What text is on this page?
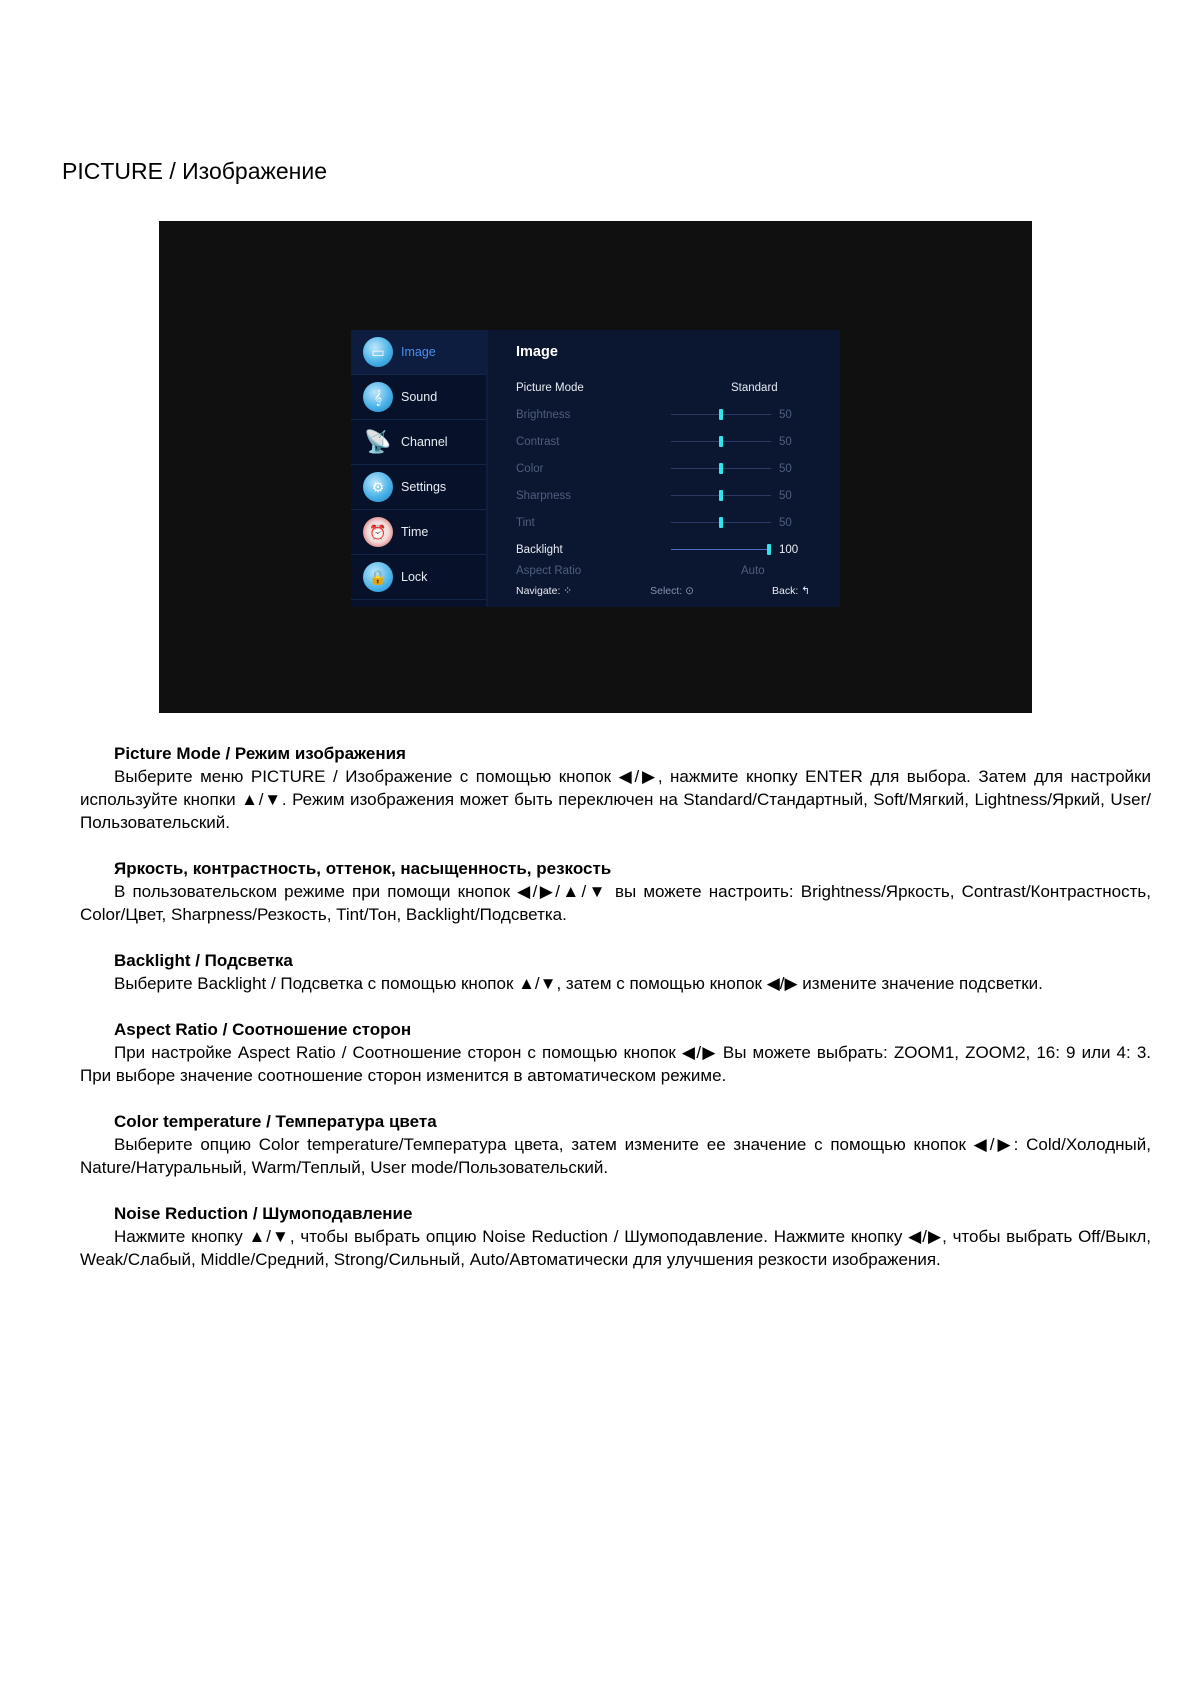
PICTURE / Изображение
▭	Image
𝄞	Sound
📡 Channel
⚙	Settings
⏰	Time
🔒	Lock
Image
Picture Mode	Standard
Brightness	50
Contrast	50
Color	50
Sharpness	50
Tint	50
Backlight	100
Aspect Ratio	Auto
Navigate: ⁘	Select: ⊙	Back: ↰
Picture Mode / Режим изображения
Выберите меню PICTURE / Изображение с помощью кнопок ◀/▶, нажмите кнопку ENTER для выбора. Затем для настройки используйте кнопки ▲/▼. Режим изображения может быть переключен на Standard/Стандартный, Soft/Мягкий, Lightness/Яркий, User/Пользовательский.
Яркость, контрастность, оттенок, насыщенность, резкость
В пользовательском режиме при помощи кнопок ◀/▶/▲/▼ вы можете настроить: Brightness/Яркость, Contrast/Контрастность, Color/Цвет, Sharpness/Резкость, Tint/Тон, Backlight/Подсветка.
Backlight / Подсветка
Выберите Backlight / Подсветка с помощью кнопок ▲/▼, затем с помощью кнопок ◀/▶ измените значение подсветки.
Aspect Ratio / Соотношение сторон
При настройке Aspect Ratio / Соотношение сторон с помощью кнопок ◀/▶ Вы можете выбрать: ZOOM1, ZOOM2, 16: 9 или 4: 3. При выборе значение соотношение сторон изменится в автоматическом режиме.
Color temperature / Температура цвета
Выберите опцию Color temperature/Температура цвета, затем измените ее значение с помощью кнопок ◀/▶: Cold/Холодный, Nature/Натуральный, Warm/Теплый, User mode/Пользовательский.
Noise Reduction / Шумоподавление
Нажмите кнопку ▲/▼, чтобы выбрать опцию Noise Reduction / Шумоподавление. Нажмите кнопку ◀/▶, чтобы выбрать Off/Выкл, Weak/Слабый, Middle/Средний, Strong/Сильный, Auto/Автоматически для улучшения резкости изображения.
